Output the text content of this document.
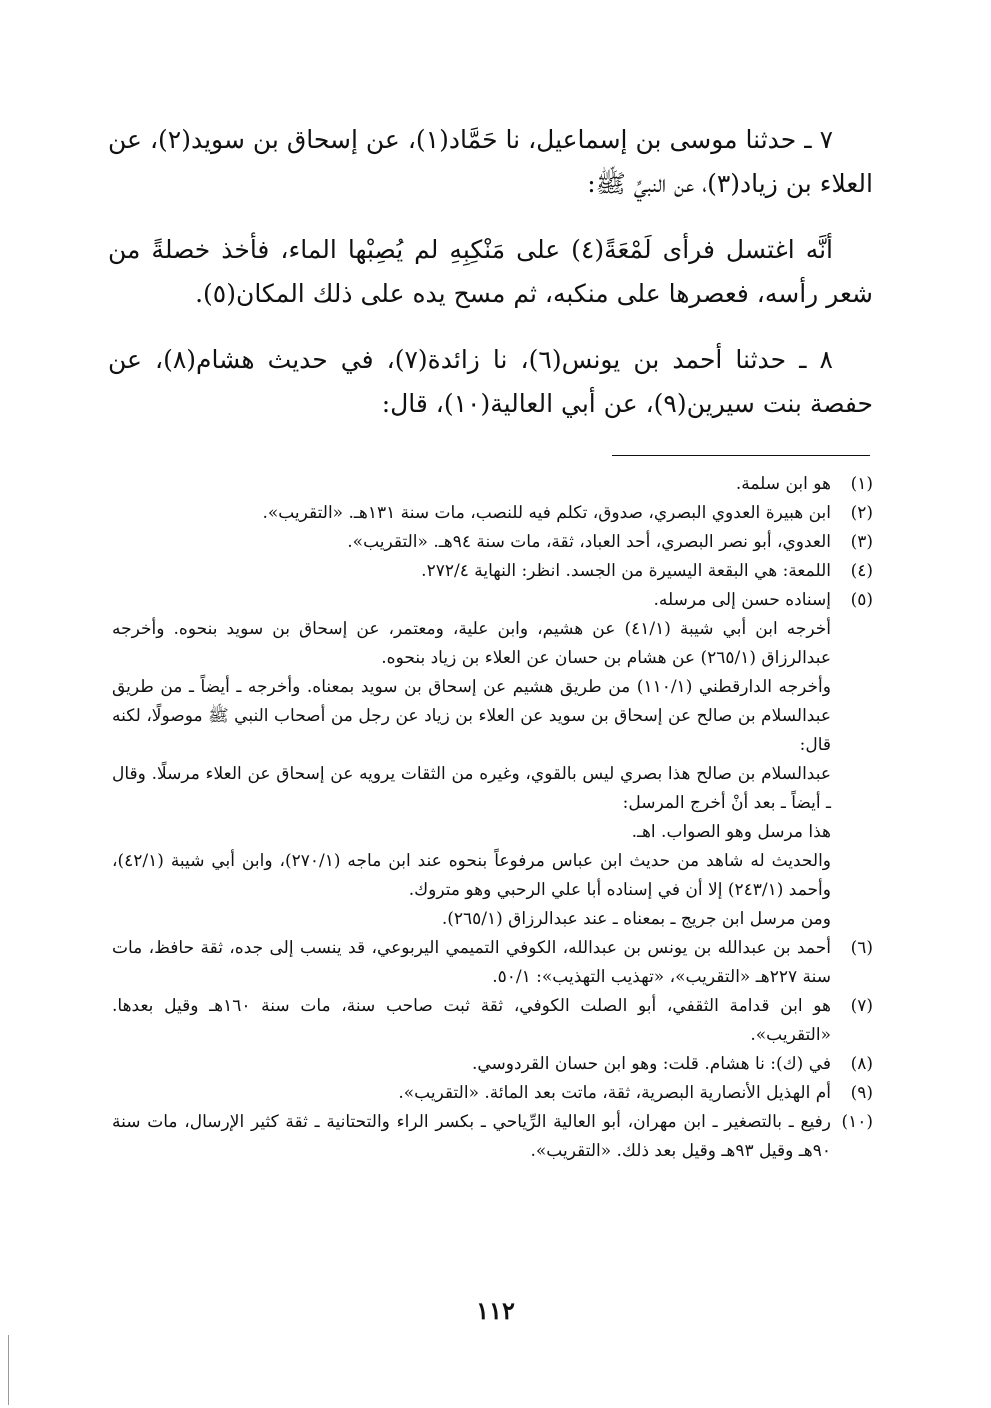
٧ ـ حدثنا موسى بن إسماعيل، نا حَمَّاد(١)، عن إسحاق بن سويد(٢)، عن العلاء بن زياد(٣)، عن النبيِّ ﷺ:

أنَّه اغتسل فرأى لَمْعَةً(٤) على مَنْكِبِهِ لم يُصِبْها الماء، فأخذ خصلةً من شعر رأسه، فعصرها على منكبه، ثم مسح يده على ذلك المكان(٥).

٨ ـ حدثنا أحمد بن يونس(٦)، نا زائدة(٧)، في حديث هشام(٨)، عن حفصة بنت سيرين(٩)، عن أبي العالية(١٠)، قال:

(١)
هو ابن سلمة.
(٢)
ابن هبيرة العدوي البصري، صدوق، تكلم فيه للنصب، مات سنة ١٣١هـ. «التقريب».
(٣)
العدوي، أبو نصر البصري، أحد العباد، ثقة، مات سنة ٩٤هـ. «التقريب».
(٤)
اللمعة: هي البقعة اليسيرة من الجسد. انظر: النهاية ٢٧٢/٤.
(٥)
إسناده حسن إلى مرسله.
أخرجه ابن أبي شيبة (٤١/١) عن هشيم، وابن علية، ومعتمر، عن إسحاق بن سويد بنحوه. وأخرجه عبدالرزاق (٢٦٥/١) عن هشام بن حسان عن العلاء بن زياد بنحوه.
وأخرجه الدارقطني (١١٠/١) من طريق هشيم عن إسحاق بن سويد بمعناه. وأخرجه ـ أيضاً ـ من طريق عبدالسلام بن صالح عن إسحاق بن سويد عن العلاء بن زياد عن رجل من أصحاب النبي ﷺ موصولًا، لكنه قال:
عبدالسلام بن صالح هذا بصري ليس بالقوي، وغيره من الثقات يرويه عن إسحاق عن العلاء مرسلًا. وقال ـ أيضاً ـ بعد أنْ أخرج المرسل:
هذا مرسل وهو الصواب. اهـ.
والحديث له شاهد من حديث ابن عباس مرفوعاً بنحوه عند ابن ماجه (٢٧٠/١)، وابن أبي شيبة (٤٢/١)، وأحمد (٢٤٣/١) إلا أن في إسناده أبا علي الرحبي وهو متروك.
ومن مرسل ابن جريج ـ بمعناه ـ عند عبدالرزاق (٢٦٥/١).
(٦)
أحمد بن عبدالله بن يونس بن عبدالله، الكوفي التميمي اليربوعي، قد ينسب إلى جده، ثقة حافظ، مات سنة ٢٢٧هـ «التقريب»، «تهذيب التهذيب»: ٥٠/١.
(٧)
هو ابن قدامة الثقفي، أبو الصلت الكوفي، ثقة ثبت صاحب سنة، مات سنة ١٦٠هـ وقيل بعدها. «التقريب».
(٨)
في (ك): نا هشام. قلت: وهو ابن حسان القردوسي.
(٩)
أم الهذيل الأنصارية البصرية، ثقة، ماتت بعد المائة. «التقريب».
(١٠)
رفيع ـ بالتصغير ـ ابن مهران، أبو العالية الرِّياحي ـ بكسر الراء والتحتانية ـ ثقة كثير الإرسال، مات سنة ٩٠هـ وقيل ٩٣هـ وقيل بعد ذلك. «التقريب».
١١٢
